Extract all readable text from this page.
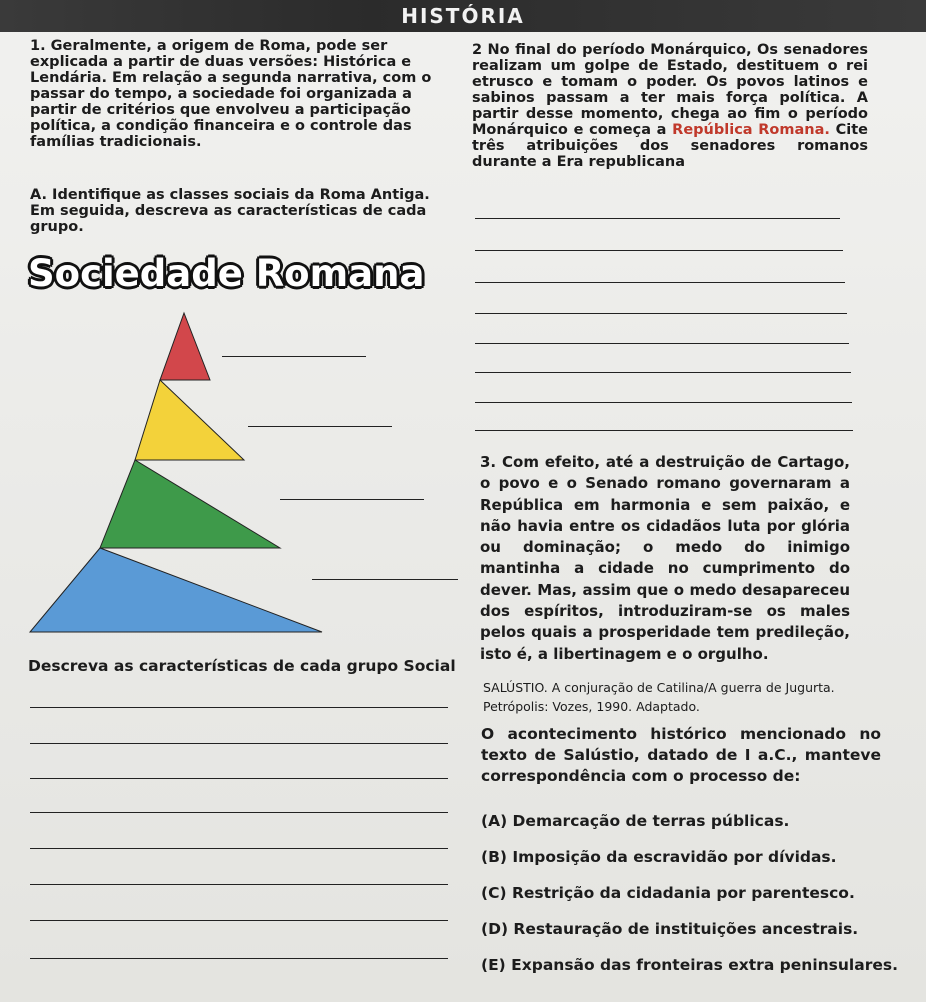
HISTÓRIA
1. Geralmente, a origem de Roma, pode ser explicada a partir de duas versões: Histórica e Lendária. Em relação a segunda narrativa, com o passar do tempo, a sociedade foi organizada a partir de critérios que envolveu a participação política, a condição financeira e o controle das famílias tradicionais.
A. Identifique as classes sociais da Roma Antiga. Em seguida, descreva as características de cada grupo.
2 No final do período Monárquico, Os senadores realizam um golpe de Estado, destituem o rei etrusco e tomam o poder. Os povos latinos e sabinos passam a ter mais força política. A partir desse momento, chega ao fim o período Monárquico e começa a República Romana. Cite três atribuições dos senadores romanos durante a Era republicana
Sociedade Romana
3. Com efeito, até a destruição de Cartago, o povo e o Senado romano governaram a República em harmonia e sem paixão, e não havia entre os cidadãos luta por glória ou dominação; o medo do inimigo mantinha a cidade no cumprimento do dever. Mas, assim que o medo desapareceu dos espíritos, introduziram-se os males pelos quais a prosperidade tem predileção, isto é, a libertinagem e o orgulho.
Descreva as características de cada grupo Social
SALÚSTIO. A conjuração de Catilina/A guerra de Jugurta.
Petrópolis: Vozes, 1990. Adaptado.
O acontecimento histórico mencionado no texto de Salústio, datado de I a.C., manteve correspondência com o processo de:
(A) Demarcação de terras públicas.
(B) Imposição da escravidão por dívidas.
(C) Restrição da cidadania por parentesco.
(D) Restauração de instituições ancestrais.
(E) Expansão das fronteiras extra peninsulares.
